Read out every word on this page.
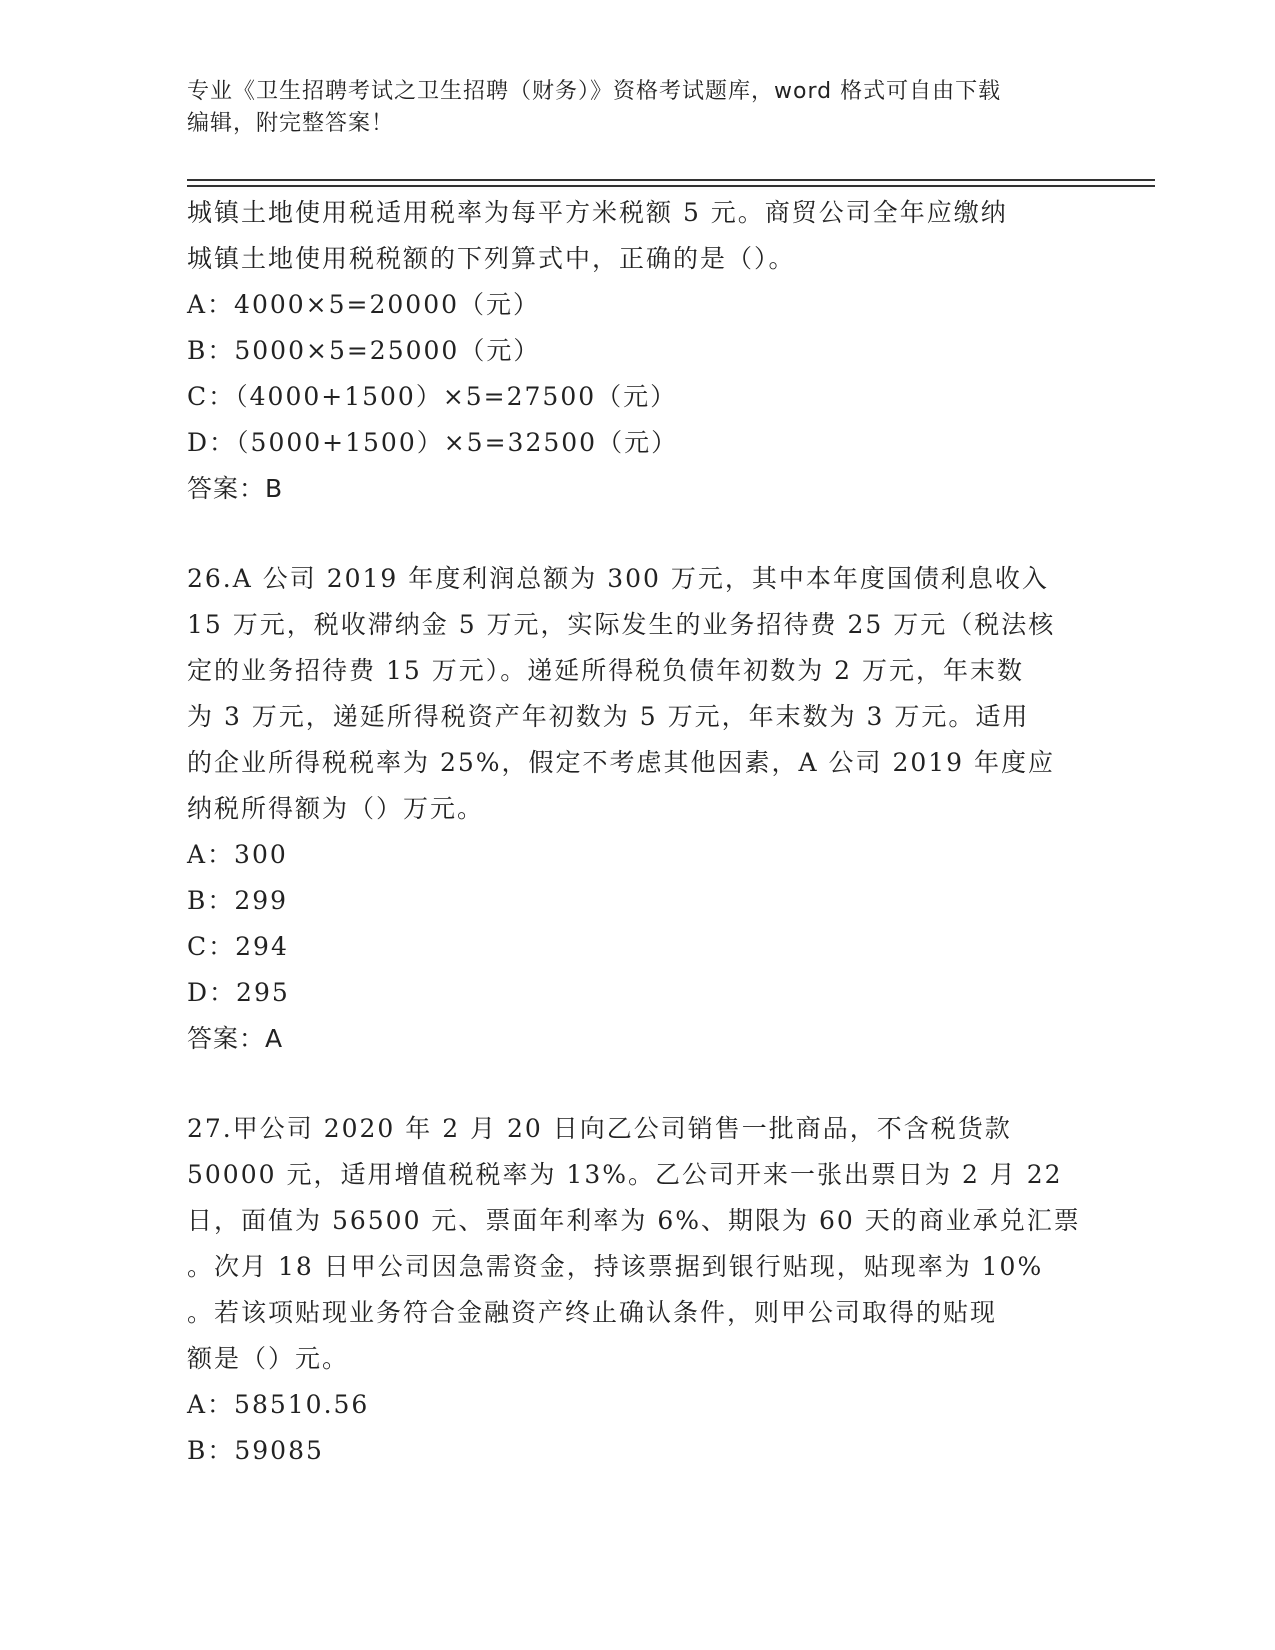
专业《卫生招聘考试之卫生招聘（财务）》资格考试题库，word 格式可自由下载
编辑，附完整答案！
城镇土地使用税适用税率为每平方米税额 5 元。商贸公司全年应缴纳
城镇土地使用税税额的下列算式中，正确的是（）。
A：4000×5=20000（元）
B：5000×5=25000（元）
C：（4000+1500）×5=27500（元）
D：（5000+1500）×5=32500（元）
答案：B
26.A 公司 2019 年度利润总额为 300 万元，其中本年度国债利息收入
15 万元，税收滞纳金 5 万元，实际发生的业务招待费 25 万元（税法核
定的业务招待费 15 万元）。递延所得税负债年初数为 2 万元，年末数
为 3 万元，递延所得税资产年初数为 5 万元，年末数为 3 万元。适用
的企业所得税税率为 25%，假定不考虑其他因素，A 公司 2019 年度应
纳税所得额为（）万元。
A：300
B：299
C：294
D：295
答案：A
27.甲公司 2020 年 2 月 20 日向乙公司销售一批商品，不含税货款
50000 元，适用增值税税率为 13%。乙公司开来一张出票日为 2 月 22
日，面值为 56500 元、票面年利率为 6%、期限为 60 天的商业承兑汇票
。次月 18 日甲公司因急需资金，持该票据到银行贴现，贴现率为 10%
。若该项贴现业务符合金融资产终止确认条件，则甲公司取得的贴现
额是（）元。
A：58510.56
B：59085
